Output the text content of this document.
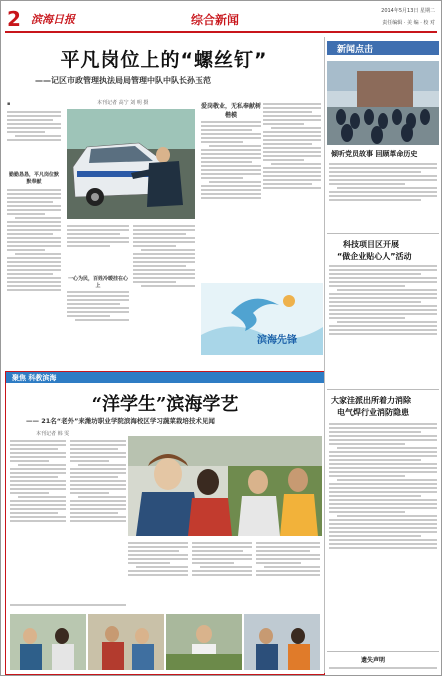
2 滨海日报	综合新闻
2014年5月13日 星期二
责任编辑 · 美 编 · 校 对
平凡岗位上的“螺丝钉”
——记区市政管理执法局局管理中队中队长孙玉范
▪
勤勤恳恳，平凡岗位默默奉献
本刊记者 高宁 刘 明 摄
一心为民，百姓冷暖挂在心上
爱岗敬业，无私奉献树楷模
滨海先锋
新闻点击
倾听党员故事 回顾革命历史
科技项目区开展
“做企业贴心人”活动
大家洼派出所着力消除
电气焊行业消防隐患
遗失声明
聚焦 科教滨海
“洋学生”滨海学艺
—— 21名“老外”来潍坊职业学院滨海校区学习蔬菜栽培技术见闻
本刊记者 韩 雯
